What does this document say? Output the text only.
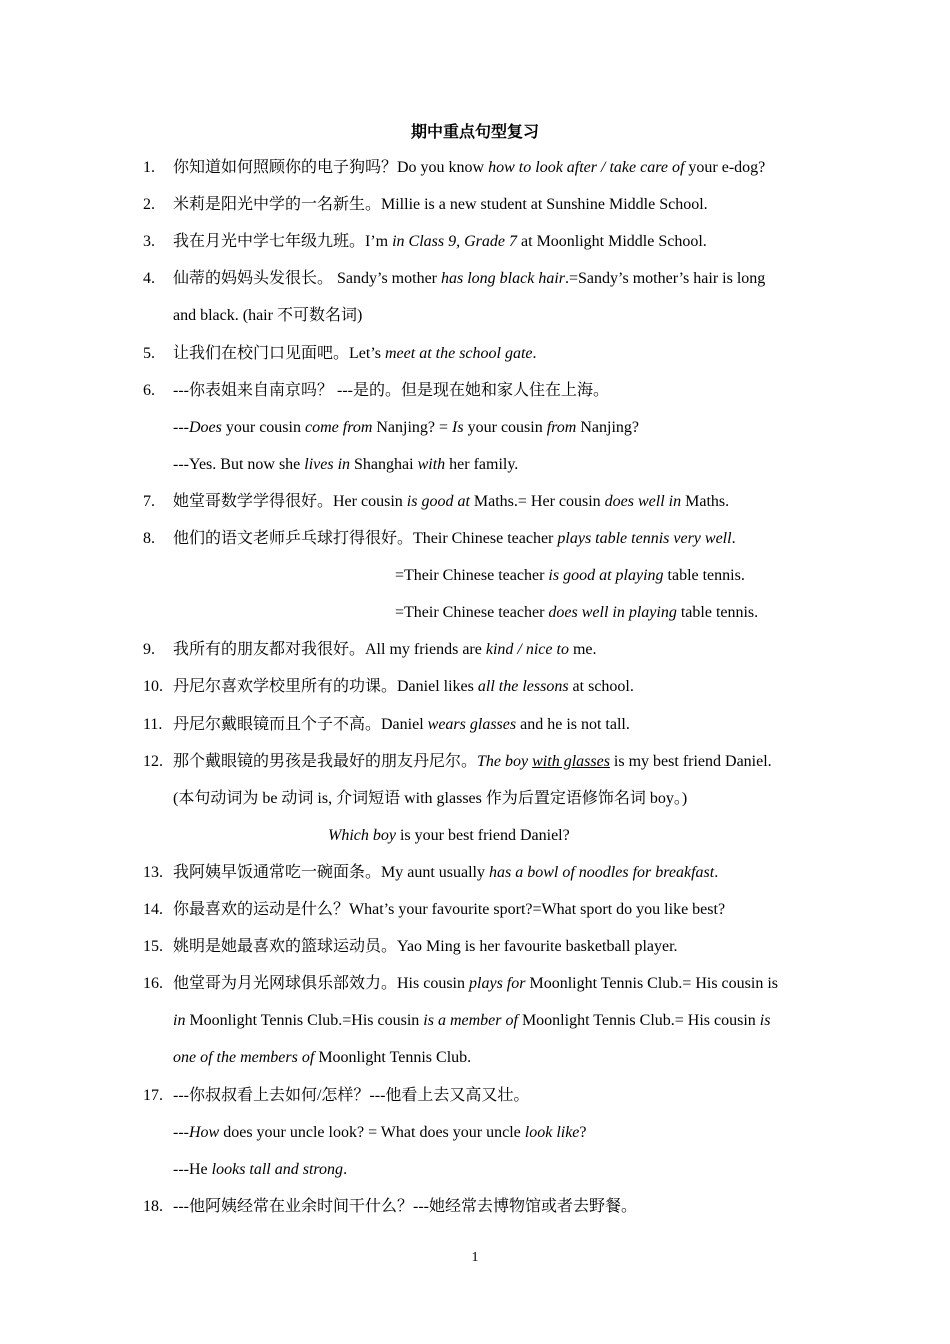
期中重点句型复习
1. 你知道如何照顾你的电子狗吗？Do you know how to look after / take care of your e-dog?
2. 米莉是阳光中学的一名新生。Millie is a new student at Sunshine Middle School.
3. 我在月光中学七年级九班。I’m in Class 9, Grade 7 at Moonlight Middle School.
4. 仙蒂的妈妈头发很长。 Sandy’s mother has long black hair.=Sandy’s mother’s hair is long
and black. (hair 不可数名词)
5. 让我们在校门口见面吧。Let’s meet at the school gate.
6. ---你表姐来自南京吗？ ---是的。但是现在她和家人住在上海。
---Does your cousin come from Nanjing? = Is your cousin from Nanjing?
---Yes. But now she lives in Shanghai with her family.
7. 她堂哥数学学得很好。Her cousin is good at Maths.= Her cousin does well in Maths.
8. 他们的语文老师乒乓球打得很好。Their Chinese teacher plays table tennis very well.
=Their Chinese teacher is good at playing table tennis.
=Their Chinese teacher does well in playing table tennis.
9. 我所有的朋友都对我很好。All my friends are kind / nice to me.
10. 丹尼尔喜欢学校里所有的功课。Daniel likes all the lessons at school.
11. 丹尼尔戴眼镜而且个子不高。Daniel wears glasses and he is not tall.
12. 那个戴眼镜的男孩是我最好的朋友丹尼尔。The boy with glasses is my best friend Daniel.
(本句动词为 be 动词 is, 介词短语 with glasses 作为后置定语修饰名词 boy。)
Which boy is your best friend Daniel?
13. 我阿姨早饭通常吃一碗面条。My aunt usually has a bowl of noodles for breakfast.
14. 你最喜欢的运动是什么？What’s your favourite sport?=What sport do you like best?
15. 姚明是她最喜欢的篮球运动员。Yao Ming is her favourite basketball player.
16. 他堂哥为月光网球俱乐部效力。His cousin plays for Moonlight Tennis Club.= His cousin is
in Moonlight Tennis Club.=His cousin is a member of Moonlight Tennis Club.= His cousin is
one of the members of Moonlight Tennis Club.
17. ---你叔叔看上去如何/怎样？---他看上去又高又壮。
---How does your uncle look? = What does your uncle look like?
---He looks tall and strong.
18. ---他阿姨经常在业余时间干什么？---她经常去博物馆或者去野餐。
1
